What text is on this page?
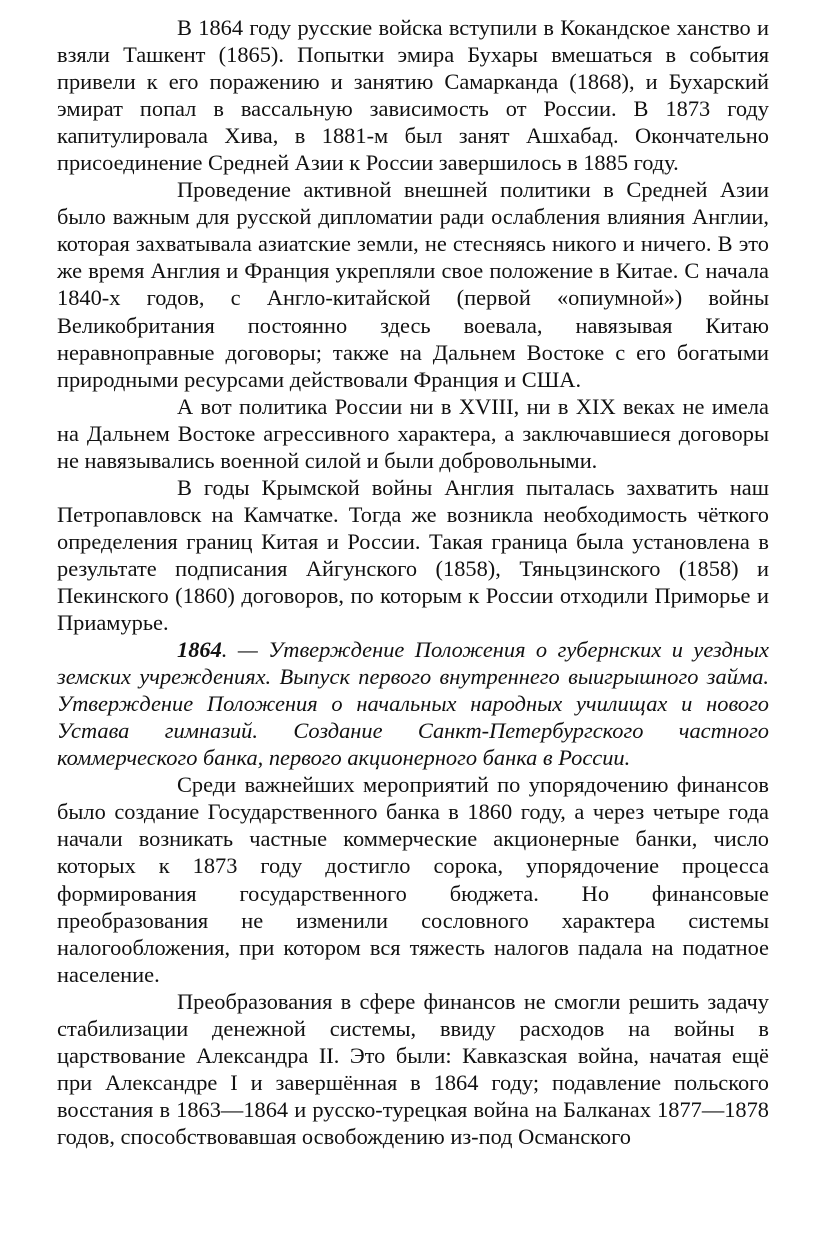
В 1864 году русские войска вступили в Кокандское ханство и взяли Ташкент (1865). Попытки эмира Бухары вмешаться в события привели к его поражению и занятию Самарканда (1868), и Бухарский эмират попал в вассальную зависимость от России. В 1873 году капитулировала Хива, в 1881-м был занят Ашхабад. Окончательно присоединение Средней Азии к России завершилось в 1885 году.

Проведение активной внешней политики в Средней Азии было важным для русской дипломатии ради ослабления влияния Англии, которая захватывала азиатские земли, не стесняясь никого и ничего. В это же время Англия и Франция укрепляли свое положение в Китае. С начала 1840-х годов, с Англо-китайской (первой «опиумной») войны Великобритания постоянно здесь воевала, навязывая Китаю неравноправные договоры; также на Дальнем Востоке с его богатыми природными ресурсами действовали Франция и США.

А вот политика России ни в XVIII, ни в XIX веках не имела на Дальнем Востоке агрессивного характера, а заключавшиеся договоры не навязывались военной силой и были добровольными.

В годы Крымской войны Англия пыталась захватить наш Петропавловск на Камчатке. Тогда же возникла необходимость чёткого определения границ Китая и России. Такая граница была установлена в результате подписания Айгунского (1858), Тяньцзинского (1858) и Пекинского (1860) договоров, по которым к России отходили Приморье и Приамурье.

1864. — Утверждение Положения о губернских и уездных земских учреждениях. Выпуск первого внутреннего выигрышного займа. Утверждение Положения о начальных народных училищах и нового Устава гимназий. Создание Санкт-Петербургского частного коммерческого банка, первого акционерного банка в России.

Среди важнейших мероприятий по упорядочению финансов было создание Государственного банка в 1860 году, а через четыре года начали возникать частные коммерческие акционерные банки, число которых к 1873 году достигло сорока, упорядочение процесса формирования государственного бюджета. Но финансовые преобразования не изменили сословного характера системы налогообложения, при котором вся тяжесть налогов падала на податное население.

Преобразования в сфере финансов не смогли решить задачу стабилизации денежной системы, ввиду расходов на войны в царствование Александра II. Это были: Кавказская война, начатая ещё при Александре I и завершённая в 1864 году; подавление польского восстания в 1863—1864 и русско-турецкая война на Балканах 1877—1878 годов, способствовавшая освобождению из-под Османского
